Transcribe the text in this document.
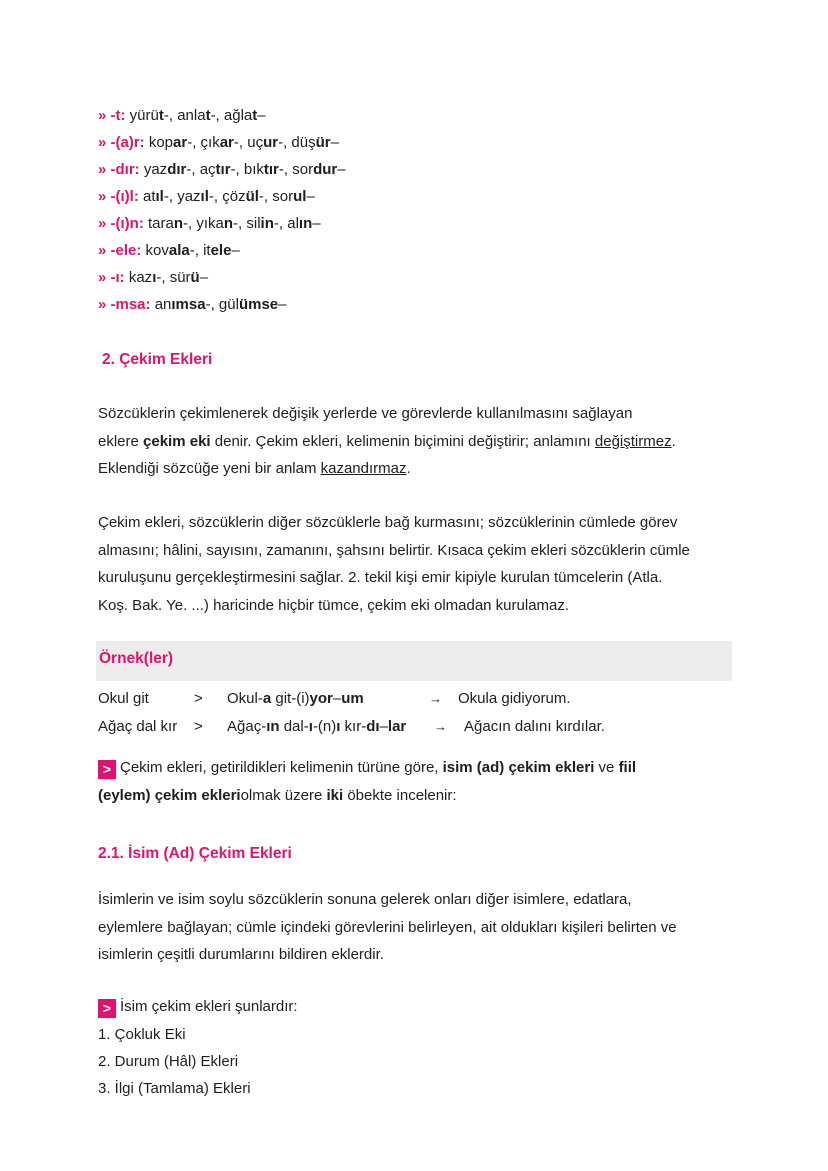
» -t: yürüt-, anlat-, ağlat–
» -(a)r: kopar-, çıkar-, uçur-, düşür–
» -dır: yazdır-, açtır-, bıktır-, sordur–
» -(ı)l: atıl-, yazıl-, çözül-, sorul–
» -(ı)n: taran-, yıkan-, silin-, alın–
» -ele: kovala-, itele–
» -ı: kazı-, sürü–
» -msa: anımsa-, gülümse–
2. Çekim Ekleri
Sözcüklerin çekimlenerek değişik yerlerde ve görevlerde kullanılmasını sağlayan
eklere çekim eki denir. Çekim ekleri, kelimenin biçimini değiştirir; anlamını değiştirmez.
Eklendiği sözcüğe yeni bir anlam kazandırmaz.
Çekim ekleri, sözcüklerin diğer sözcüklerle bağ kurmasını; sözcüklerinin cümlede görev
almasını; hâlini, sayısını, zamanını, şahsını belirtir. Kısaca çekim ekleri sözcüklerin cümle
kuruluşunu gerçekleştirmesini sağlar. 2. tekil kişi emir kipiyle kurulan tümcelerin (Atla.
Koş. Bak. Ye. ...) haricinde hiçbir tümce, çekim eki olmadan kurulamaz.
Örnek(ler)
Okul git	> Okul-a git-(i)yor–um	→ Okula gidiyorum.
Ağaç dal kır > Ağaç-ın dal-ı-(n)ı kır-dı–lar → Ağacın dalını kırdılar.
> Çekim ekleri, getirildikleri kelimenin türüne göre, isim (ad) çekim ekleri ve fiil
(eylem) çekim ekleriolmak üzere iki öbekte incelenir:
2.1. İsim (Ad) Çekim Ekleri
İsimlerin ve isim soylu sözcüklerin sonuna gelerek onları diğer isimlere, edatlara,
eylemlere bağlayan; cümle içindeki görevlerini belirleyen, ait oldukları kişileri belirten ve
isimlerin çeşitli durumlarını bildiren eklerdir.
> İsim çekim ekleri şunlardır:
1. Çokluk Eki
2. Durum (Hâl) Ekleri
3. İlgi (Tamlama) Ekleri
